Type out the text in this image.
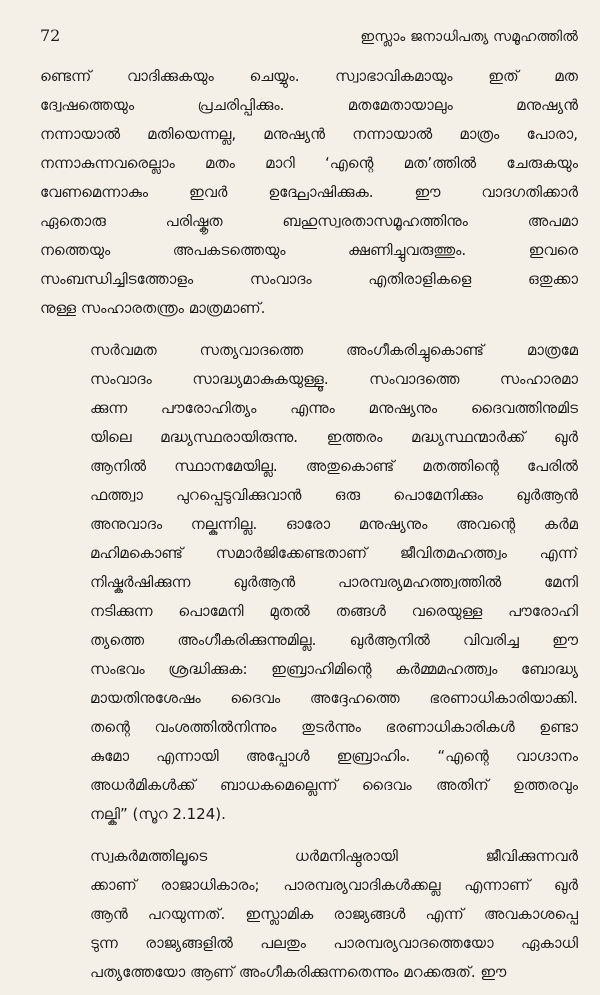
72	ഇസ്ലാം ജനാധിപത്യ സമൂഹത്തിൽ

ണ്ടെന്ന് വാദിക്കുകയും ചെയ്യും. സ്വാഭാവികമായും ഇത് മത
ദ്വേഷത്തെയും പ്രചരിപ്പിക്കും. മതമേതായാലും മനുഷ്യൻ
നന്നായാൽ മതിയെന്നല്ല, മനുഷ്യൻ നന്നായാൽ മാത്രം പോരാ,
നന്നാകുന്നവരെല്ലാം മതം മാറി ‘എന്റെ മത’ത്തിൽ ചേരുകയും
വേണമെന്നാകും ഇവർ ഉദ്ഘോഷിക്കുക. ഈ വാദഗതിക്കാർ
ഏതൊരു പരിഷ്കൃത ബഹുസ്വരതാസമൂഹത്തിനും അപമാ
നത്തെയും അപകടത്തെയും ക്ഷണിച്ചുവരുത്തും. ഇവരെ
സംബന്ധിച്ചിടത്തോളം സംവാദം എതിരാളികളെ ഒതുക്കാ
നുള്ള സംഹാരതന്ത്രം മാത്രമാണ്.

സർവമത സത്യവാദത്തെ അംഗീകരിച്ചുകൊണ്ട് മാത്രമേ
സംവാദം സാദ്ധ്യമാകുകയുള്ളൂ. സംവാദത്തെ സംഹാരമാ
ക്കുന്ന പൗരോഹിത്യം എന്നും മനുഷ്യനും ദൈവത്തിനുമിട
യിലെ മദ്ധ്യസ്ഥരായിരുന്നു. ഇത്തരം മദ്ധ്യസ്ഥന്മാർക്ക് ഖുർ
ആനിൽ സ്ഥാനമേയില്ല. അതുകൊണ്ട് മതത്തിന്റെ പേരിൽ
ഫത്ത്വാ പുറപ്പെടുവിക്കുവാൻ ഒരു പൊമേനിക്കും ഖുർആൻ
അനുവാദം നല്കുന്നില്ല. ഓരോ മനുഷ്യനും അവന്റെ കർമ
മഹിമകൊണ്ട് സമാർജിക്കേണ്ടതാണ് ജീവിതമഹത്ത്വം എന്ന്
നിഷ്കർഷിക്കുന്ന ഖുർആൻ പാരമ്പര്യമഹത്ത്വത്തിൽ മേനി
നടിക്കുന്ന പൊമേനി മുതൽ തങ്ങൾ വരെയുള്ള പൗരോഹി
ത്യത്തെ അംഗീകരിക്കുന്നുമില്ല. ഖുർആനിൽ വിവരിച്ച ഈ
സംഭവം ശ്രദ്ധിക്കുക: ഇബ്രാഹിമിന്റെ കർമ്മമഹത്ത്വം ബോദ്ധ്യ
മായതിനുശേഷം ദൈവം അദ്ദേഹത്തെ ഭരണാധികാരിയാക്കി.
തന്റെ വംശത്തിൽനിന്നും തുടർന്നും ഭരണാധികാരികൾ ഉണ്ടാ
കുമോ എന്നായി അപ്പോൾ ഇബ്രാഹിം. “എന്റെ വാഗ്ദാനം
അധർമികൾക്ക് ബാധകമെല്ലെന്ന് ദൈവം അതിന് ഉത്തരവും
നല്കി” (സൂറ 2.124).

സ്വകർമത്തിലൂടെ ധർമനിഷ്ഠരായി ജീവിക്കുന്നവർ
ക്കാണ് രാജാധികാരം; പാരമ്പര്യവാദികൾക്കല്ല എന്നാണ് ഖുർ
ആൻ പറയുന്നത്. ഇസ്ലാമിക രാജ്യങ്ങൾ എന്ന് അവകാശപ്പെ
ടുന്ന രാജ്യങ്ങളിൽ പലതും പാരമ്പര്യവാദത്തെയോ ഏകാധി
പത്യത്തേയോ ആണ് അംഗീകരിക്കുന്നതെന്നും മറക്കരുത്. ഈ
